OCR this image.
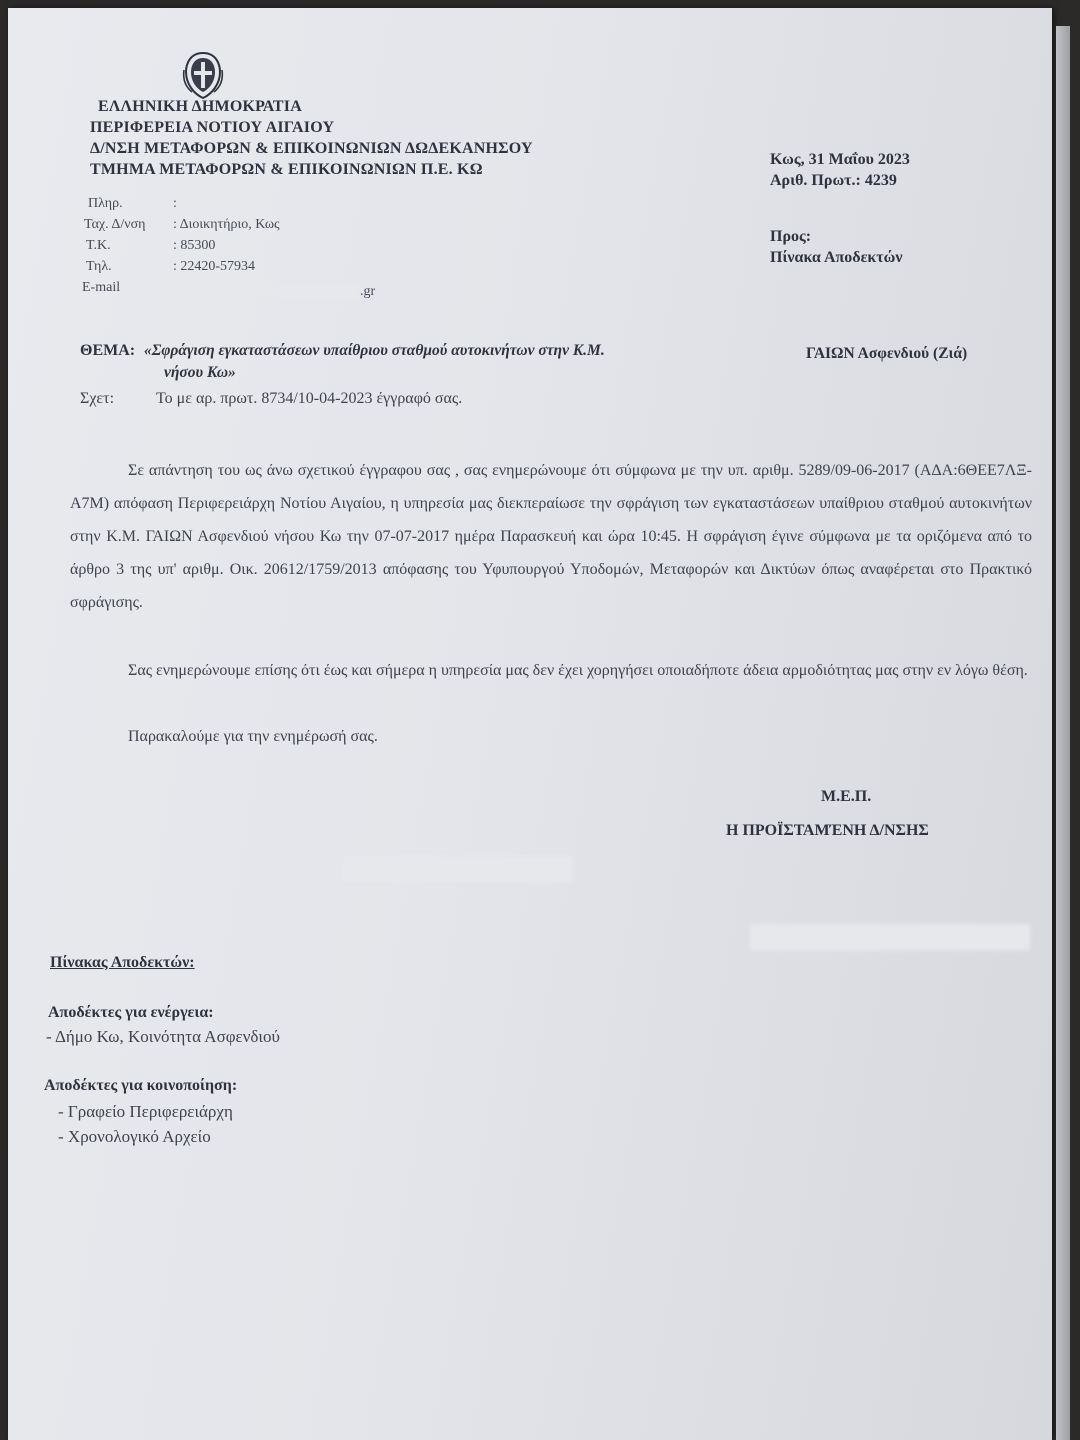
ΕΛΛΗΝΙΚΗ ΔΗΜΟΚΡΑΤΙΑ
ΠΕΡΙΦΕΡΕΙΑ ΝΟΤΙΟΥ ΑΙΓΑΙΟΥ
Δ/ΝΣΗ ΜΕΤΑΦΟΡΩΝ & ΕΠΙΚΟΙΝΩΝΙΩΝ ΔΩΔΕΚΑΝΗΣΟΥ
ΤΜΗΜΑ ΜΕΤΑΦΟΡΩΝ & ΕΠΙΚΟΙΝΩΝΙΩΝ Π.Ε. ΚΩ
Κως, 31 Μαΐου 2023
Αριθ. Πρωτ.: 4239
Προς:
Πίνακα Αποδεκτών
Πληρ.	:
Ταχ. Δ/νση : Διοικητήριο, Κως
Τ.Κ.	: 85300
Τηλ.	: 22420-57934
E-mail	.gr
ΘΕΜΑ: «Σφράγιση εγκαταστάσεων υπαίθριου σταθμού αυτοκινήτων στην Κ.Μ.	ΓΑΙΩΝ Ασφενδιού (Ζιά)
νήσου Κω»
Σχετ:	Το με αρ. πρωτ. 8734/10-04-2023 έγγραφό σας.
Σε απάντηση του ως άνω σχετικού έγγραφου σας , σας ενημερώνουμε ότι σύμφωνα με την υπ. αριθμ. 5289/09-06-2017 (ΑΔΑ:6ΘΕΕ7ΛΞ-Α7Μ) απόφαση Περιφερειάρχη Νοτίου Αιγαίου, η υπηρεσία μας διεκπεραίωσε την σφράγιση των εγκαταστάσεων υπαίθριου σταθμού αυτοκινήτων στην Κ.Μ. ΓΑΙΩΝ Ασφενδιού νήσου Κω την 07-07-2017 ημέρα Παρασκευή και ώρα 10:45. Η σφράγιση έγινε σύμφωνα με τα οριζόμενα από το άρθρο 3 της υπ' αριθμ. Οικ. 20612/1759/2013 απόφασης του Υφυπουργού Υποδομών, Μεταφορών και Δικτύων όπως αναφέρεται στο Πρακτικό σφράγισης.
Σας ενημερώνουμε επίσης ότι έως και σήμερα η υπηρεσία μας δεν έχει χορηγήσει οποιαδήποτε άδεια αρμοδιότητας μας στην εν λόγω θέση.
Παρακαλούμε για την ενημέρωσή σας.
Μ.Ε.Π.
Η ΠΡΟΪΣΤΑΜΈΝΗ Δ/ΝΣΗΣ
Πίνακας Αποδεκτών:
Αποδέκτες για ενέργεια:
- Δήμο Κω, Κοινότητα Ασφενδιού
Αποδέκτες για κοινοποίηση:
- Γραφείο Περιφερειάρχη
- Χρονολογικό Αρχείο
